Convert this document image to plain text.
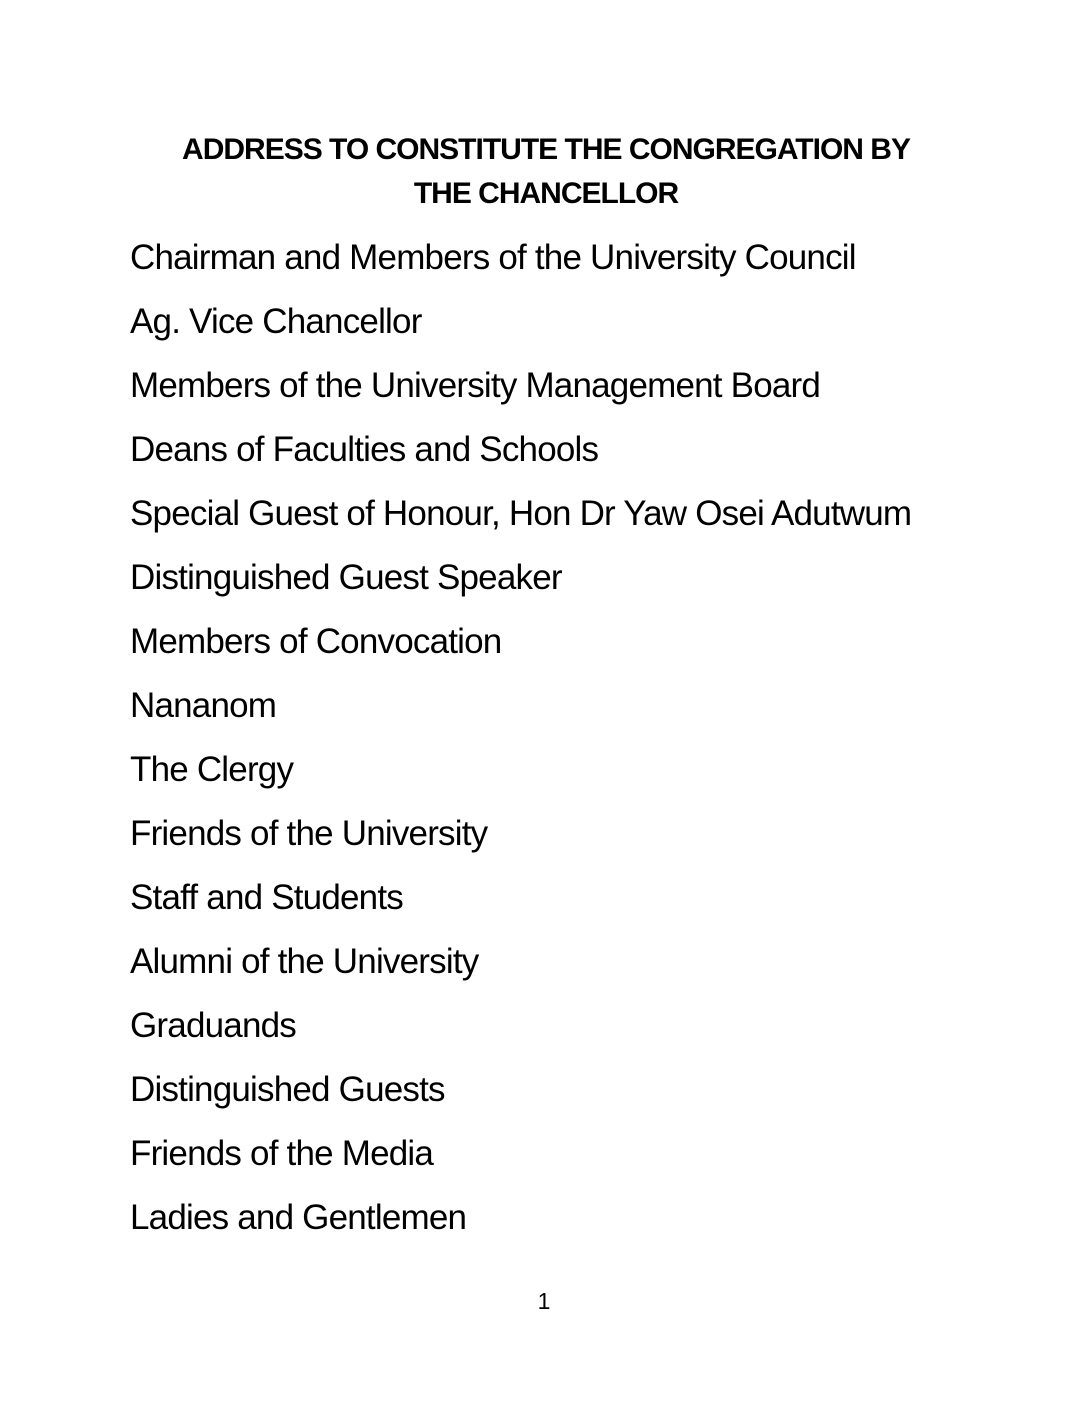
ADDRESS TO CONSTITUTE THE CONGREGATION BY
THE CHANCELLOR

Chairman and Members of the University Council

Ag. Vice Chancellor

Members of the University Management Board

Deans of Faculties and Schools

Special Guest of Honour, Hon Dr Yaw Osei Adutwum

Distinguished Guest Speaker

Members of Convocation

Nananom

The Clergy

Friends of the University

Staff and Students

Alumni of the University

Graduands

Distinguished Guests

Friends of the Media

Ladies and Gentlemen

1
